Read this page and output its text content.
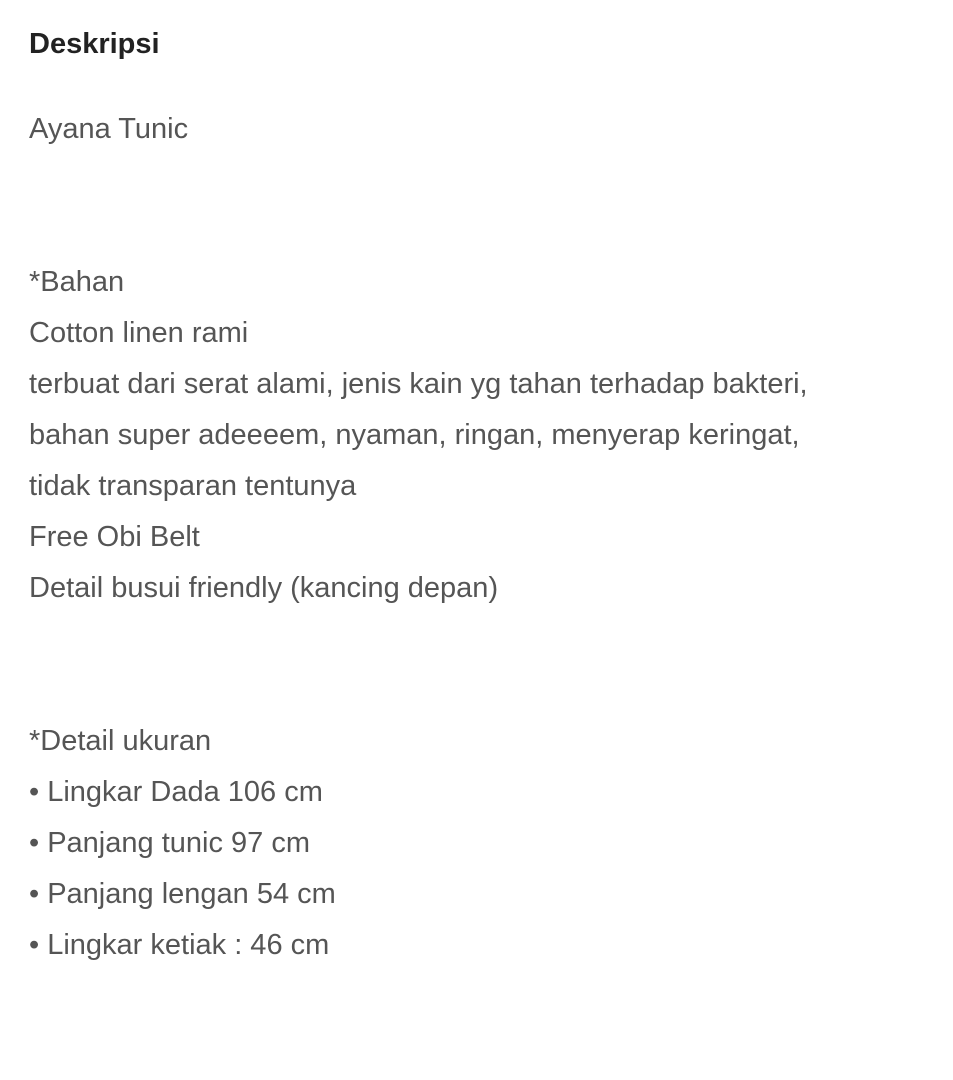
Deskripsi
Ayana Tunic
*Bahan
Cotton linen rami
terbuat dari serat alami, jenis kain yg tahan terhadap bakteri,
bahan super adeeeem, nyaman, ringan, menyerap keringat,
tidak transparan tentunya
Free Obi Belt
Detail busui friendly (kancing depan)
*Detail ukuran
• Lingkar Dada 106 cm
• Panjang tunic 97 cm
• Panjang lengan 54 cm
• Lingkar ketiak : 46 cm
